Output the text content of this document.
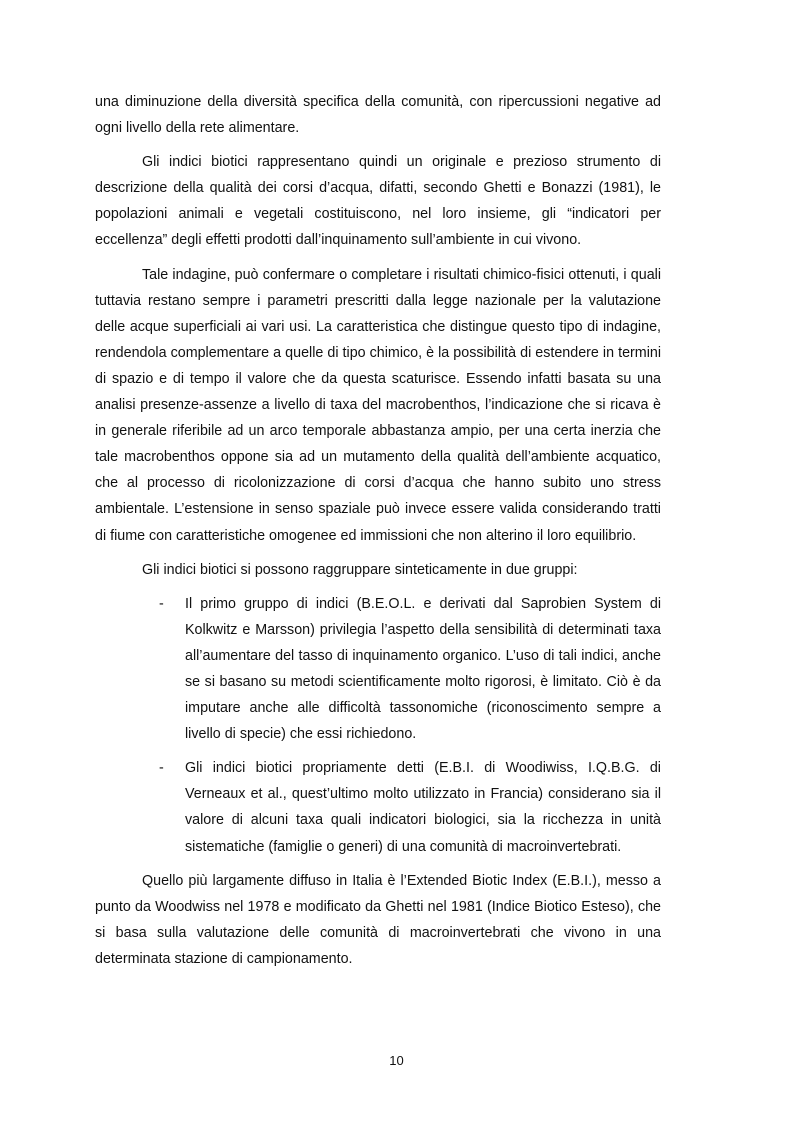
una diminuzione della diversità specifica della comunità, con ripercussioni negative ad ogni livello della rete alimentare.

Gli indici biotici rappresentano quindi un originale e prezioso strumento di descrizione della qualità dei corsi d’acqua, difatti, secondo Ghetti e Bonazzi (1981), le popolazioni animali e vegetali costituiscono, nel loro insieme, gli “indicatori per eccellenza” degli effetti prodotti dall’inquinamento sull’ambiente in cui vivono.

Tale indagine, può confermare o completare i risultati chimico-fisici ottenuti, i quali tuttavia restano sempre i parametri prescritti dalla legge nazionale per la valutazione delle acque superficiali ai vari usi. La caratteristica che distingue questo tipo di indagine, rendendola complementare a quelle di tipo chimico, è la possibilità di estendere in termini di spazio e di tempo il valore che da questa scaturisce. Essendo infatti basata su una analisi presenze-assenze a livello di taxa del macrobenthos, l’indicazione che si ricava è in generale riferibile ad un arco temporale abbastanza ampio, per una certa inerzia che tale macrobenthos oppone sia ad un mutamento della qualità dell’ambiente acquatico, che al processo di ricolonizzazione di corsi d’acqua che hanno subito uno stress ambientale. L’estensione in senso spaziale può invece essere valida considerando tratti di fiume con caratteristiche omogenee ed immissioni che non alterino il loro equilibrio.

Gli indici biotici si possono raggruppare sinteticamente in due gruppi:

- Il primo gruppo di indici (B.E.O.L. e derivati dal Saprobien System di Kolkwitz e Marsson) privilegia l’aspetto della sensibilità di determinati taxa all’aumentare del tasso di inquinamento organico. L’uso di tali indici, anche se si basano su metodi scientificamente molto rigorosi, è limitato. Ciò è da imputare anche alle difficoltà tassonomiche (riconoscimento sempre a livello di specie) che essi richiedono.
- Gli indici biotici propriamente detti (E.B.I. di Woodiwiss, I.Q.B.G. di Verneaux et al., quest’ultimo molto utilizzato in Francia) considerano sia il valore di alcuni taxa quali indicatori biologici, sia la ricchezza in unità sistematiche (famiglie o generi) di una comunità di macroinvertebrati.

Quello più largamente diffuso in Italia è l’Extended Biotic Index (E.B.I.), messo a punto da Woodwiss nel 1978 e modificato da Ghetti nel 1981 (Indice Biotico Esteso), che si basa sulla valutazione delle comunità di macroinvertebrati che vivono in una determinata stazione di campionamento.

10
